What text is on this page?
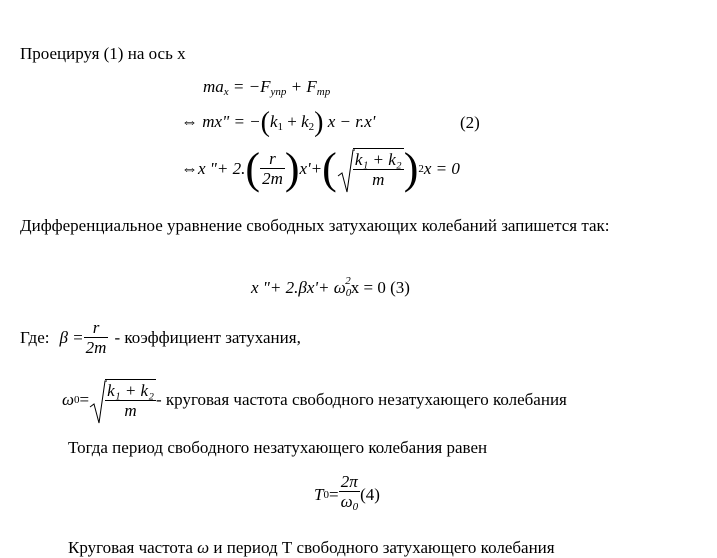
Проецируя (1) на ось х
$ma_x = -F_{упр} + F_{тр}$
⇔ mx" = $-(k_1 + k_2) x - r.x'$	(2)
⇔ x "+ 2. ( $\frac{r}{2m}$ ) x'+ ( $\frac{\text{k₁ + k₂}}{m}$ ) 2 x = 0
Дифференциальное уравнение свободных затухающих колебаний запишется так:
x "+ $2.\beta x'+ \omega_0^2x = 0$ (3)
Где: $\beta = \frac{r}{2m}$ - коэффициент затухания,
ω $0 = \frac{\text{k₁ + k₂}}{m}$ - круговая частота свободного незатухающего колебания
Тогда период свободного незатухающего колебания равен
T $0 = \frac{2\pi}{\omega_0} (4)$
Круговая частота ω и период Т свободного затухающего колебания
